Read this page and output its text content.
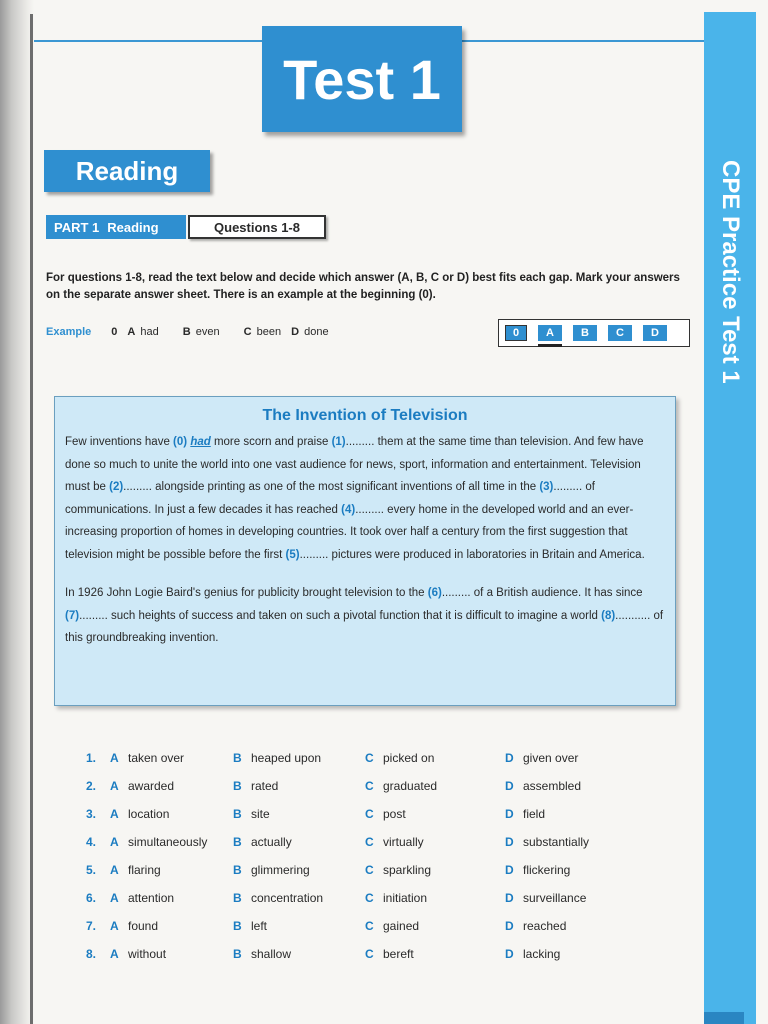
Test 1
CPE Practice Test 1
Reading
PART 1 Reading	Questions 1-8
For questions 1-8, read the text below and decide which answer (A, B, C or D) best fits each gap. Mark your answers on the separate answer sheet. There is an example at the beginning (0).
Example 0 A had B even C been D done	0	A	B	C	D
The Invention of Television

Few inventions have (0) had more scorn and praise (1)......... them at the same time than television. And few have done so much to unite the world into one vast audience for news, sport, information and entertainment. Television must be (2)......... alongside printing as one of the most significant inventions of all time in the (3)......... of communications. In just a few decades it has reached (4)......... every home in the developed world and an ever-increasing proportion of homes in developing countries. It took over half a century from the first suggestion that television might be possible before the first (5)......... pictures were produced in laboratories in Britain and America.

In 1926 John Logie Baird's genius for publicity brought television to the (6)......... of a British audience. It has since (7)......... such heights of success and taken on such a pivotal function that it is difficult to imagine a world (8)........... of this groundbreaking invention.

1.	A taken over	B heaped upon	C picked on	D given over
2.	A awarded	B rated	C graduated	D assembled
3.	A location	B site	C post	D field
4.	A simultaneously B actually	C virtually	D substantially
5.	A flaring	B glimmering	C sparkling	D flickering
6.	A attention	B concentration	C initiation	D surveillance
7.	A found	B left	C gained	D reached
8.	A without	B shallow	C bereft	D lacking
